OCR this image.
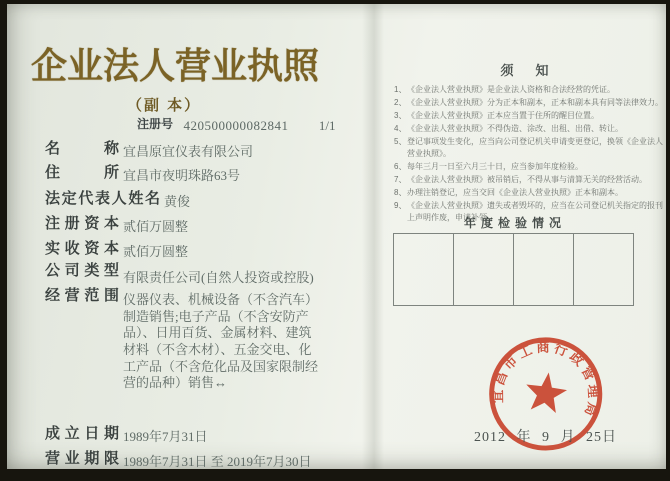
企业法人营业执照
（副 本）
注册号 420500000082841 1/1
名称 宜昌原宜仪表有限公司
住所 宜昌市夜明珠路63号
法定代表人姓名 黄俊
注册资本 贰佰万圆整
实收资本 贰佰万圆整
公司类型 有限责任公司(自然人投资或控股)
经营范围 仪器仪表、机械设备（不含汽车）制造销售;电子产品（不含安防产品）、日用百货、金属材料、建筑材料（不含木材）、五金交电、化工产品（不含危化品及国家限制经营的品种）销售↔
成立日期 1989年7月31日
营业期限 1989年7月31日 至 2019年7月30日
须知
1、 《企业法人营业执照》是企业法人资格和合法经营的凭证。
2、 《企业法人营业执照》分为正本和副本，正本和副本具有同等法律效力。
3、 《企业法人营业执照》正本应当置于住所的醒目位置。
4、 《企业法人营业执照》不得伪造、涂改、出租、出借、转让。
5、 登记事项发生变化，应当向公司登记机关申请变更登记，换领《企业法人营业执照》。
6、 每年三月一日至六月三十日，应当参加年度检验。
7、 《企业法人营业执照》被吊销后，不得从事与清算无关的经营活动。
8、 办理注销登记，应当交回《企业法人营业执照》正本和副本。
9、 《企业法人营业执照》遗失或者毁坏的，应当在公司登记机关指定的报刊上声明作废，申请补领。
年度检验情况
宜昌市工商行政管理局
2012 年 9 月 25日
